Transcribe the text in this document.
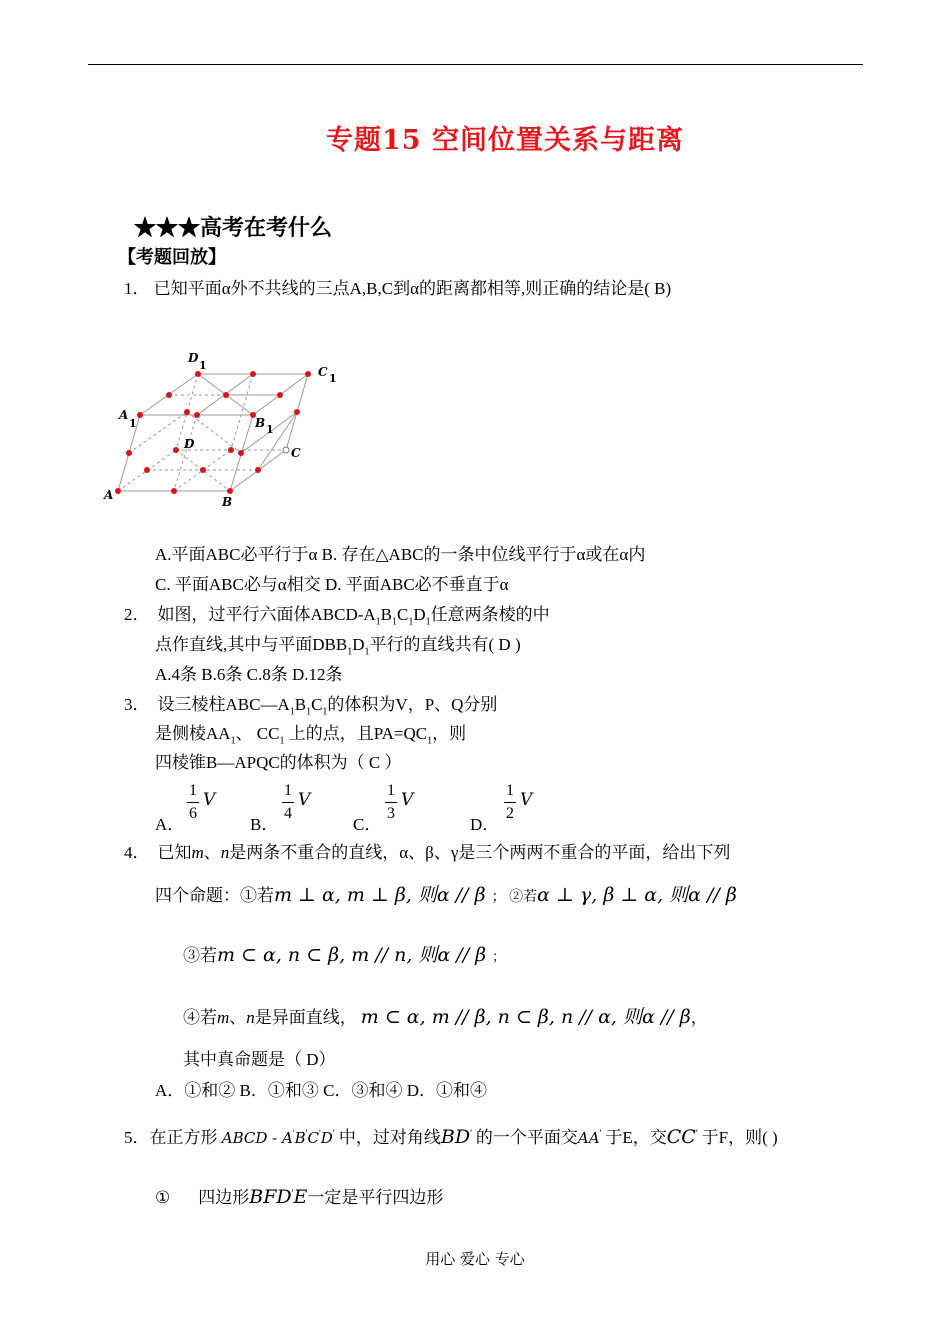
专题15 空间位置关系与距离
★★★高考在考什么
【考题回放】
1． 已知平面α外不共线的三点A,B,C到α的距离都相等,则正确的结论是( B)
D
1	C 1
A
1	B 1
D
C
A	B
A.平面ABC必平行于α B. 存在△ABC的一条中位线平行于α或在α内
C. 平面ABC必与α相交 D. 平面ABC必不垂直于α
2． 如图，过平行六面体ABCD-$A_1B_1C_1D_1$任意两条棱的中
点作直线,其中与平面$DBB_1D_1$平行的直线共有( D )
A.4条 B.6条 C.8条 D.12条
3． 设三棱柱$ABC—A_1B_1C_1$的体积为V，P、Q分别
是侧棱$AA_1$、 $CC_1$ 上的点，且$PA=QC_1$，则
四棱锥B—APQC的体积为（ C ）
A．
1
6
V
B．
1
4
V
C．
1
3
V
D．
1
2
V
4． 已知m、n是两条不重合的直线，α、β、γ是三个两两不重合的平面，给出下列
四个命题：①若m ⊥ α, m ⊥ β, 则α // β ； ②若α ⊥ γ, β ⊥ α, 则α // β
③若m ⊂ α, n ⊂ β, m // n, 则α // β ；
④若m、n是异面直线， m ⊂ α, m // β, n ⊂ β, n // α, 则α // β，
其中真命题是（ D）
A．①和② B．①和③ C．③和④ D．①和④
5．在正方形 ABCD - A'B'C'D' 中，过对角线BD' 的一个平面交AA' 于E，交CC' 于F，则( )
① 四边形BFD'E一定是平行四边形
用心 爱心 专心
